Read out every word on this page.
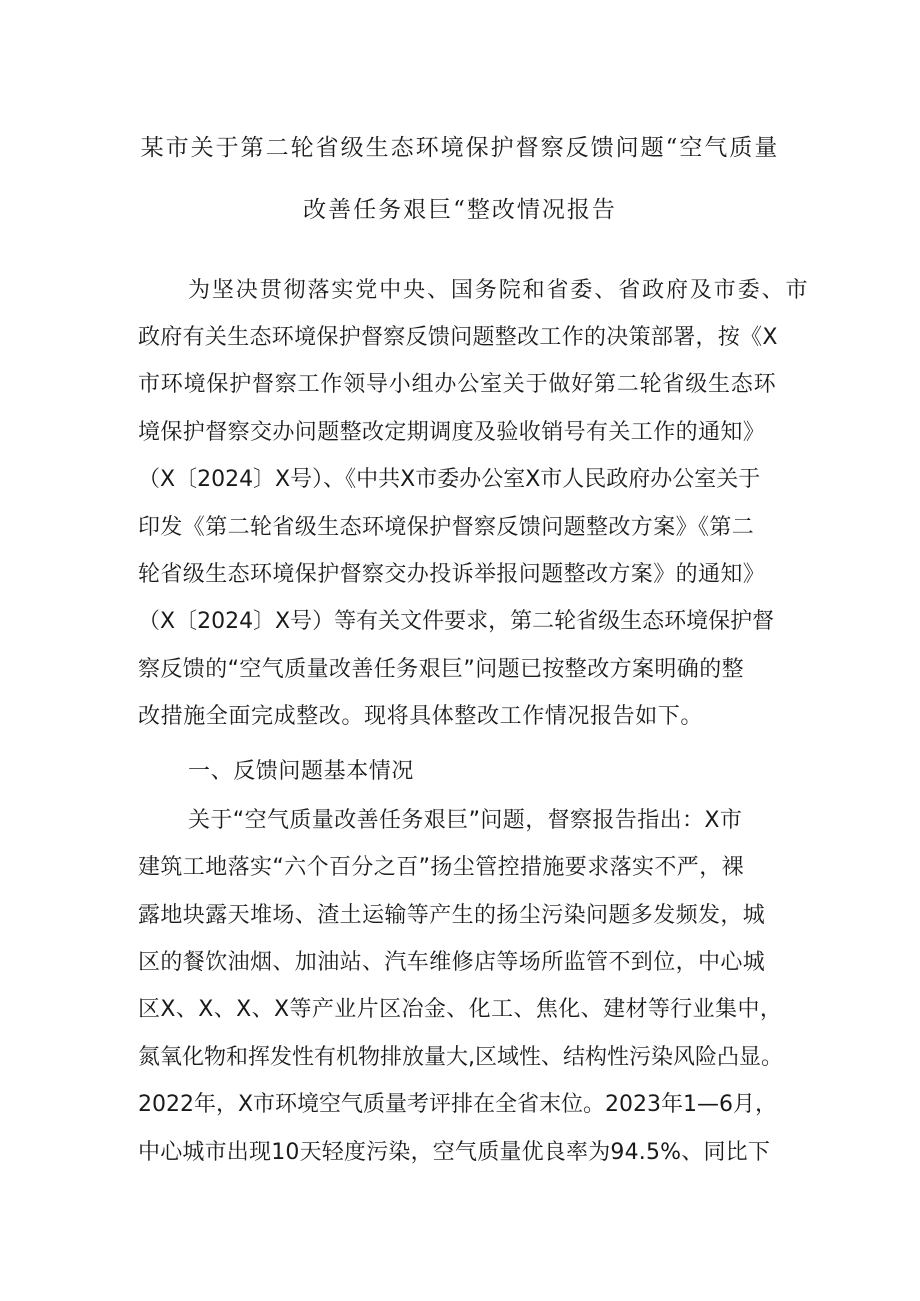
某市关于第二轮省级生态环境保护督察反馈问题“空气质量
改善任务艰巨“整改情况报告
为坚决贯彻落实党中央、国务院和省委、省政府及市委、市
政府有关生态环境保护督察反馈问题整改工作的决策部署，按《X
市环境保护督察工作领导小组办公室关于做好第二轮省级生态环
境保护督察交办问题整改定期调度及验收销号有关工作的通知》
（X〔2024〕X号）、《中共X市委办公室X市人民政府办公室关于
印发《第二轮省级生态环境保护督察反馈问题整改方案》《第二
轮省级生态环境保护督察交办投诉举报问题整改方案》的通知》
（X〔2024〕X号）等有关文件要求，第二轮省级生态环境保护督
察反馈的“空气质量改善任务艰巨”问题已按整改方案明确的整
改措施全面完成整改。现将具体整改工作情况报告如下。
一、反馈问题基本情况
关于“空气质量改善任务艰巨”问题，督察报告指出：X市
建筑工地落实“六个百分之百”扬尘管控措施要求落实不严，裸
露地块露天堆场、渣土运输等产生的扬尘污染问题多发频发，城
区的餐饮油烟、加油站、汽车维修店等场所监管不到位，中心城
区X、X、X、X等产业片区冶金、化工、焦化、建材等行业集中，
氮氧化物和挥发性有机物排放量大,区域性、结构性污染风险凸显。
2022年，X市环境空气质量考评排在全省末位。2023年1—6月，
中心城市出现10天轻度污染，空气质量优良率为94.5%、同比下
